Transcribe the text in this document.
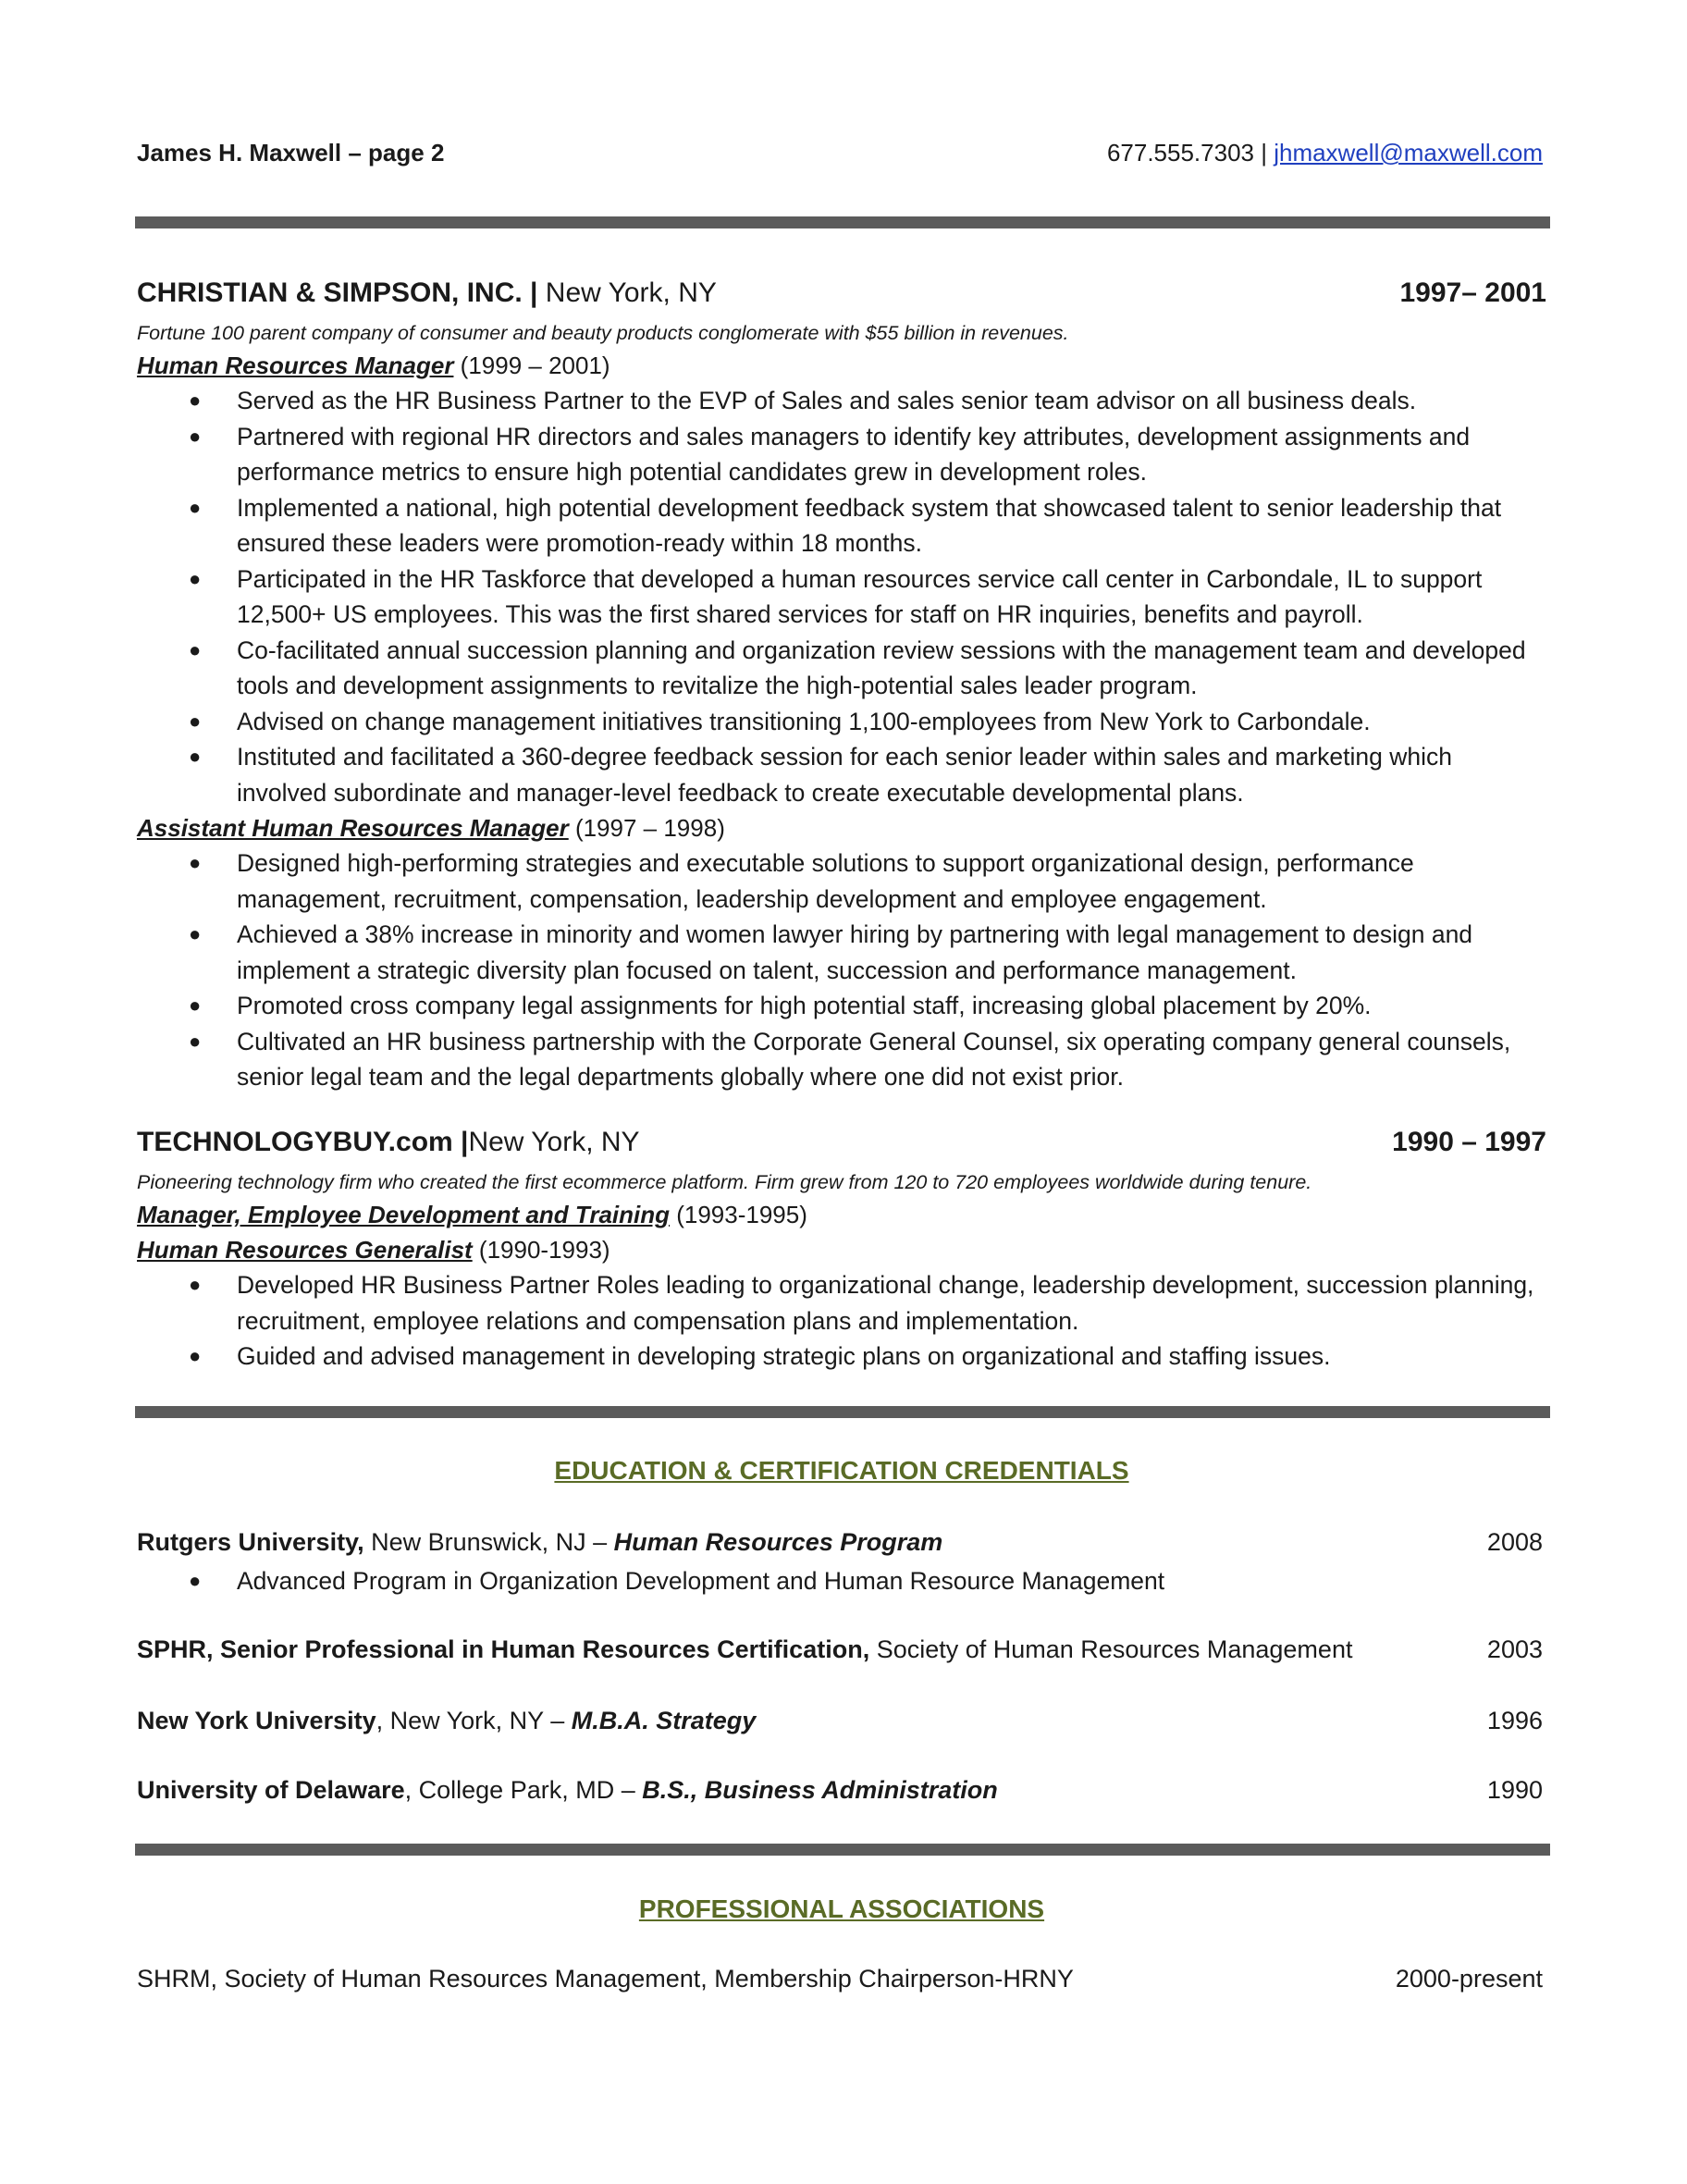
James H. Maxwell – page 2	677.555.7303 | jhmaxwell@maxwell.com
CHRISTIAN & SIMPSON, INC. | New York, NY	1997– 2001
Fortune 100 parent company of consumer and beauty products conglomerate with $55 billion in revenues.
Human Resources Manager (1999 – 2001)
● Served as the HR Business Partner to the EVP of Sales and sales senior team advisor on all business deals.
● Partnered with regional HR directors and sales managers to identify key attributes, development assignments and performance metrics to ensure high potential candidates grew in development roles.
● Implemented a national, high potential development feedback system that showcased talent to senior leadership that ensured these leaders were promotion-ready within 18 months.
● Participated in the HR Taskforce that developed a human resources service call center in Carbondale, IL to support 12,500+ US employees. This was the first shared services for staff on HR inquiries, benefits and payroll.
● Co-facilitated annual succession planning and organization review sessions with the management team and developed tools and development assignments to revitalize the high-potential sales leader program.
● Advised on change management initiatives transitioning 1,100-employees from New York to Carbondale.
● Instituted and facilitated a 360-degree feedback session for each senior leader within sales and marketing which involved subordinate and manager-level feedback to create executable developmental plans.
Assistant Human Resources Manager (1997 – 1998)
● Designed high-performing strategies and executable solutions to support organizational design, performance management, recruitment, compensation, leadership development and employee engagement.
● Achieved a 38% increase in minority and women lawyer hiring by partnering with legal management to design and implement a strategic diversity plan focused on talent, succession and performance management.
● Promoted cross company legal assignments for high potential staff, increasing global placement by 20%.
● Cultivated an HR business partnership with the Corporate General Counsel, six operating company general counsels, senior legal team and the legal departments globally where one did not exist prior.
TECHNOLOGYBUY.com |New York, NY	1990 – 1997
Pioneering technology firm who created the first ecommerce platform. Firm grew from 120 to 720 employees worldwide during tenure.
Manager, Employee Development and Training (1993-1995)
Human Resources Generalist (1990-1993)
● Developed HR Business Partner Roles leading to organizational change, leadership development, succession planning, recruitment, employee relations and compensation plans and implementation.
● Guided and advised management in developing strategic plans on organizational and staffing issues.
EDUCATION & CERTIFICATION CREDENTIALS
Rutgers University, New Brunswick, NJ – Human Resources Program	2008
● Advanced Program in Organization Development and Human Resource Management
SPHR, Senior Professional in Human Resources Certification, Society of Human Resources Management	2003
New York University, New York, NY – M.B.A. Strategy	1996
University of Delaware, College Park, MD – B.S., Business Administration	1990
PROFESSIONAL ASSOCIATIONS
SHRM, Society of Human Resources Management, Membership Chairperson-HRNY	2000-present
